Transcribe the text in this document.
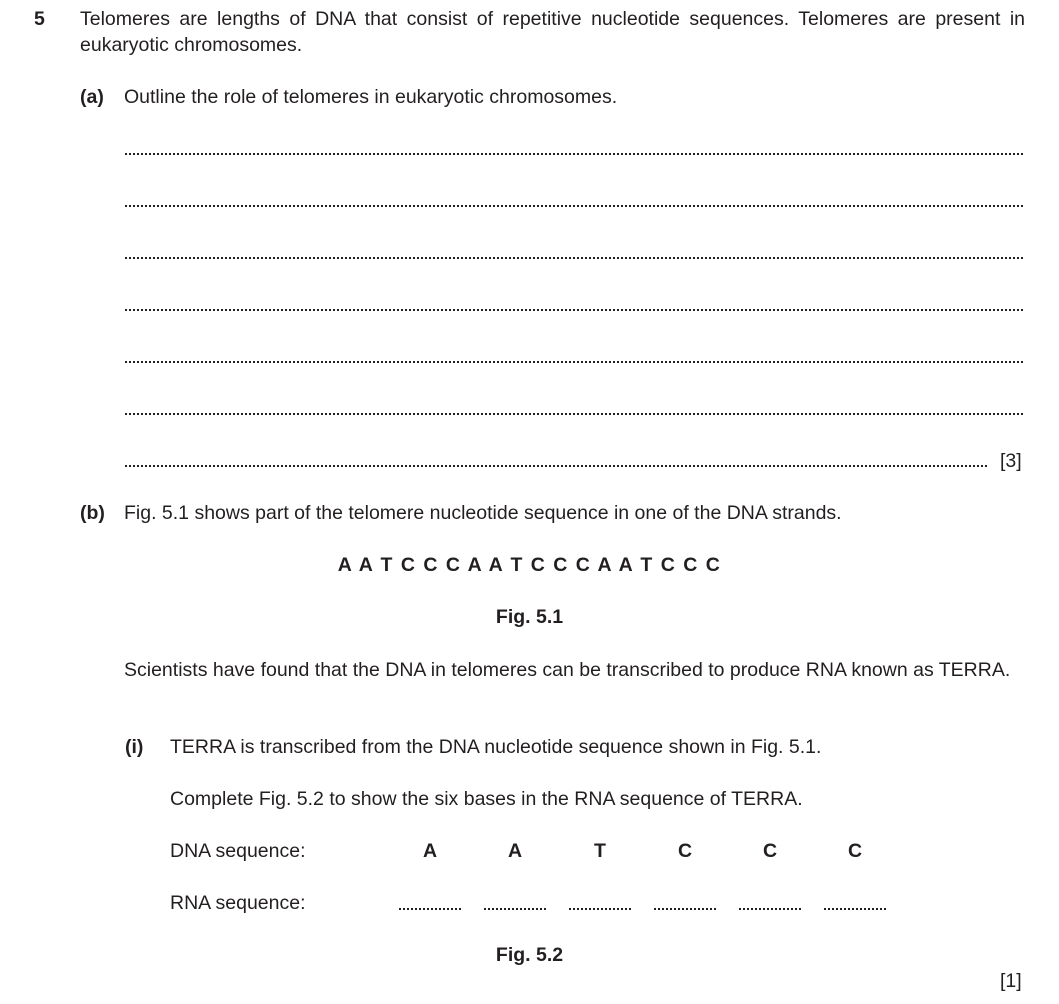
5 Telomeres are lengths of DNA that consist of repetitive nucleotide sequences. Telomeres are present in eukaryotic chromosomes.
(a) Outline the role of telomeres in eukaryotic chromosomes.
[3]
(b) Fig. 5.1 shows part of the telomere nucleotide sequence in one of the DNA strands.
A A T C C C A A T C C C A A T C C C
Fig. 5.1
Scientists have found that the DNA in telomeres can be transcribed to produce RNA known as TERRA.
(i) TERRA is transcribed from the DNA nucleotide sequence shown in Fig. 5.1.
Complete Fig. 5.2 to show the six bases in the RNA sequence of TERRA.
DNA sequence:	A	A	T	C	C	C
RNA sequence:
Fig. 5.2
[1]
